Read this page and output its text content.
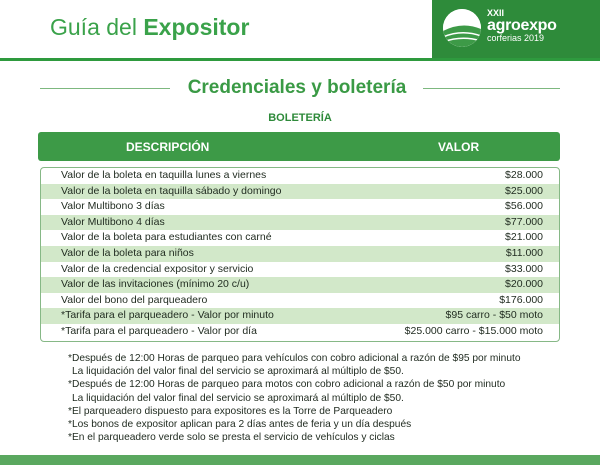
Guía del Expositor
XXII
agroexpo
corferias 2019
Credenciales y boletería
BOLETERÍA
DESCRIPCIÓN	VALOR
Valor de la boleta en taquilla lunes a viernes	$28.000
Valor de la boleta en taquilla sábado y domingo	$25.000
Valor Multibono 3 días	$56.000
Valor Multibono 4 días	$77.000
Valor de la boleta para estudiantes con carné	$21.000
Valor de la boleta para niños	$11.000
Valor de la credencial expositor y servicio	$33.000
Valor de las invitaciones (mínimo 20 c/u)	$20.000
Valor del bono del parqueadero	$176.000
*Tarifa para el parqueadero - Valor por minuto	$95 carro - $50 moto
*Tarifa para el parqueadero - Valor por día	$25.000 carro - $15.000 moto
*Después de 12:00 Horas de parqueo para vehículos con cobro adicional a razón de $95 por minuto
La liquidación del valor final del servicio se aproximará al múltiplo de $50.
*Después de 12:00 Horas de parqueo para motos con cobro adicional a razón de $50 por minuto
La liquidación del valor final del servicio se aproximará al múltiplo de $50.
*El parqueadero dispuesto para expositores es la Torre de Parqueadero
*Los bonos de expositor aplican para 2 días antes de feria y un día después
*En el parqueadero verde solo se presta el servicio de vehículos y ciclas
